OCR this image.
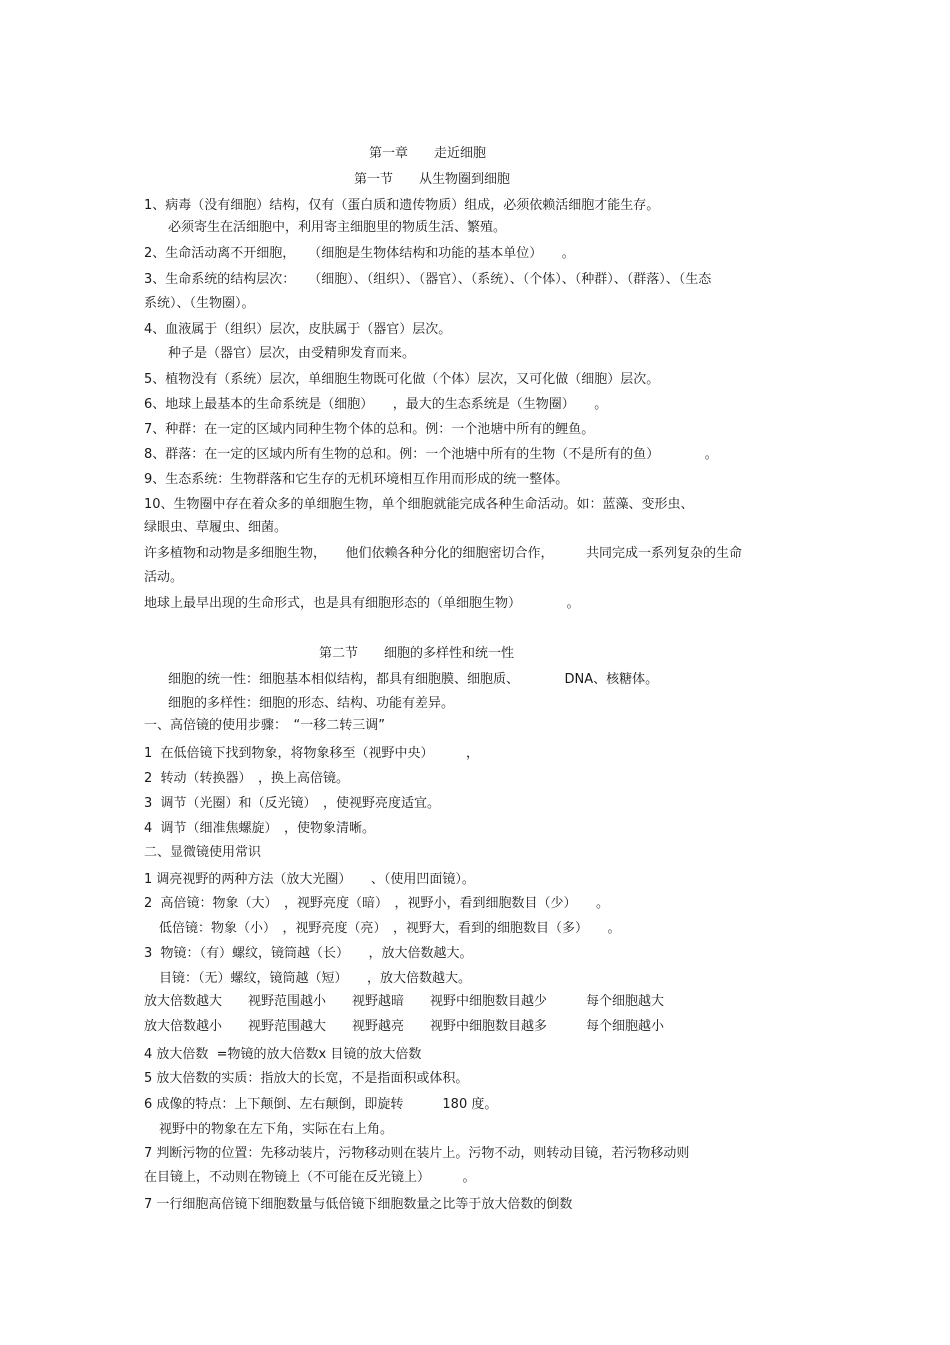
第一章　　走近细胞
第一节　　从生物圈到细胞
1、病毒（没有细胞）结构，仅有（蛋白质和遗传物质）组成，必须依赖活细胞才能生存。
必须寄生在活细胞中，利用寄主细胞里的物质生活、繁殖。
2、生命活动离不开细胞，　　（细胞是生物体结构和功能的基本单位）　　。
3、生命系统的结构层次：　　（细胞）、（组织）、（器官）、（系统）、（个体）、（种群）、（群落）、（生态
系统）、（生物圈）。
4、血液属于（组织）层次，皮肤属于（器官）层次。
种子是（器官）层次，由受精卵发育而来。
5、植物没有（系统）层次，单细胞生物既可化做（个体）层次，又可化做（细胞）层次。
6、地球上最基本的生命系统是（细胞）　　，最大的生态系统是（生物圈）　　。
7、种群：在一定的区域内同种生物个体的总和。例：一个池塘中所有的鲤鱼。
8、群落：在一定的区域内所有生物的总和。例：一个池塘中所有的生物（不是所有的鱼）　　　　。
9、生态系统：生物群落和它生存的无机环境相互作用而形成的统一整体。
10、生物圈中存在着众多的单细胞生物，单个细胞就能完成各种生命活动。如：蓝藻、变形虫、
绿眼虫、草履虫、细菌。
许多植物和动物是多细胞生物，　　他们依赖各种分化的细胞密切合作，　　　共同完成一系列复杂的生命
活动。
地球上最早出现的生命形式，也是具有细胞形态的（单细胞生物）　　　　。
第二节　　细胞的多样性和统一性
细胞的统一性：细胞基本相似结构，都具有细胞膜、细胞质、　　　　DNA、核糖体。
细胞的多样性：细胞的形态、结构、功能有差异。
一、高倍镜的使用步骤：　“一移二转三调”
1  在低倍镜下找到物象，将物象移至（视野中央）　　　，
2  转动（转换器）　，换上高倍镜。
3  调节（光圈）和（反光镜）　，使视野亮度适宜。
4  调节（细准焦螺旋）　，使物象清晰。
二、显微镜使用常识
1 调亮视野的两种方法（放大光圈）　　、（使用凹面镜）。
2  高倍镜：物象（大）　，视野亮度（暗）　，视野小，看到细胞数目（少）　　。
低倍镜：物象（小）　，视野亮度（亮）　，视野大，看到的细胞数目（多）　　。
3  物镜：（有）螺纹，镜筒越（长）　　，放大倍数越大。
目镜：（无）螺纹，镜筒越（短）　　，放大倍数越大。
放大倍数越大　　视野范围越小　　视野越暗　　视野中细胞数目越少　　　每个细胞越大
放大倍数越小　　视野范围越大　　视野越亮　　视野中细胞数目越多　　　每个细胞越小
4 放大倍数  =物镜的放大倍数x 目镜的放大倍数
5 放大倍数的实质：指放大的长宽，不是指面积或体积。
6 成像的特点：上下颠倒、左右颠倒，即旋转　　　180 度。
视野中的物象在左下角，实际在右上角。
7 判断污物的位置：先移动装片，污物移动则在装片上。污物不动，则转动目镜，若污物移动则
在目镜上，不动则在物镜上（不可能在反光镜上）　　　。
7 一行细胞高倍镜下细胞数量与低倍镜下细胞数量之比等于放大倍数的倒数
